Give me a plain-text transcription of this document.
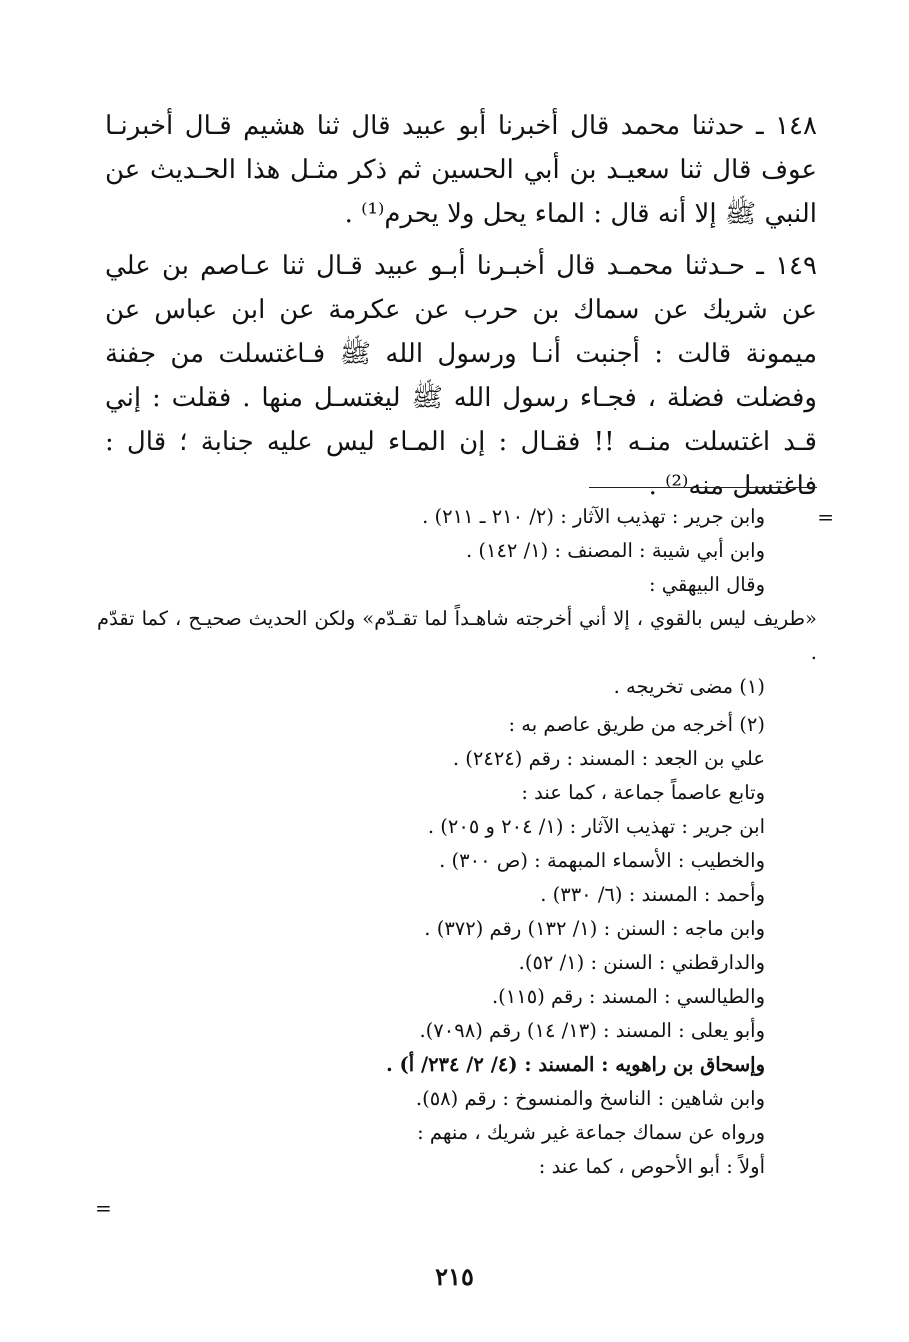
١٤٨ ـ حدثنا محمد قال أخبرنا أبو عبيد قال ثنا هشيم قـال أخبرنـا عوف قال ثنا سعيـد بن أبي الحسين ثم ذكر مثـل هذا الحـديث عن النبي ﷺ إلا أنه قال : الماء يحل ولا يحرم⁽¹⁾ .

١٤٩ ـ حـدثنا محمـد قال أخبـرنا أبـو عبيد قـال ثنا عـاصم بن علي عن شريك عن سماك بن حرب عن عكرمة عن ابن عباس عن ميمونة قالت : أجنبت أنـا ورسول الله ﷺ فـاغتسلت من جفنة وفضلت فضلة ، فجـاء رسول الله ﷺ ليغتسـل منها . فقلت : إني قـد اغتسلت منـه !! فقـال : إن المـاء ليس عليه جنابة ؛ قال : فاغتسل منه⁽²⁾ .

=
وابن جرير : تهذيب الآثار : (٢/ ٢١٠ ـ ٢١١) .
وابن أبي شيبة : المصنف : (١/ ١٤٢) .
وقال البيهقي :
«طريف ليس بالقوي ، إلا أني أخرجته شاهـداً لما تقـدّم» ولكن الحديث صحيـح ، كما تقدّم .
(١) مضى تخريجه .
(٢) أخرجه من طريق عاصم به :
علي بن الجعد : المسند : رقم (٢٤٢٤) .
وتابع عاصماً جماعة ، كما عند :
ابن جرير : تهذيب الآثار : (١/ ٢٠٤ و ٢٠٥) .
والخطيب : الأسماء المبهمة : (ص ٣٠٠) .
وأحمد : المسند : (٦/ ٣٣٠) .
وابن ماجه : السنن : (١/ ١٣٢) رقم (٣٧٢) .
والدارقطني : السنن : (١/ ٥٢).
والطيالسي : المسند : رقم (١١٥).
وأبو يعلى : المسند : (١٣/ ١٤) رقم (٧٠٩٨).
وإسحاق بن راهويه : المسند : (٤/ ٢/ ٢٣٤/ أ) .
وابن شاهين : الناسخ والمنسوخ : رقم (٥٨).
ورواه عن سماك جماعة غير شريك ، منهم :
أولاً : أبو الأحوص ، كما عند :
=
٢١٥
